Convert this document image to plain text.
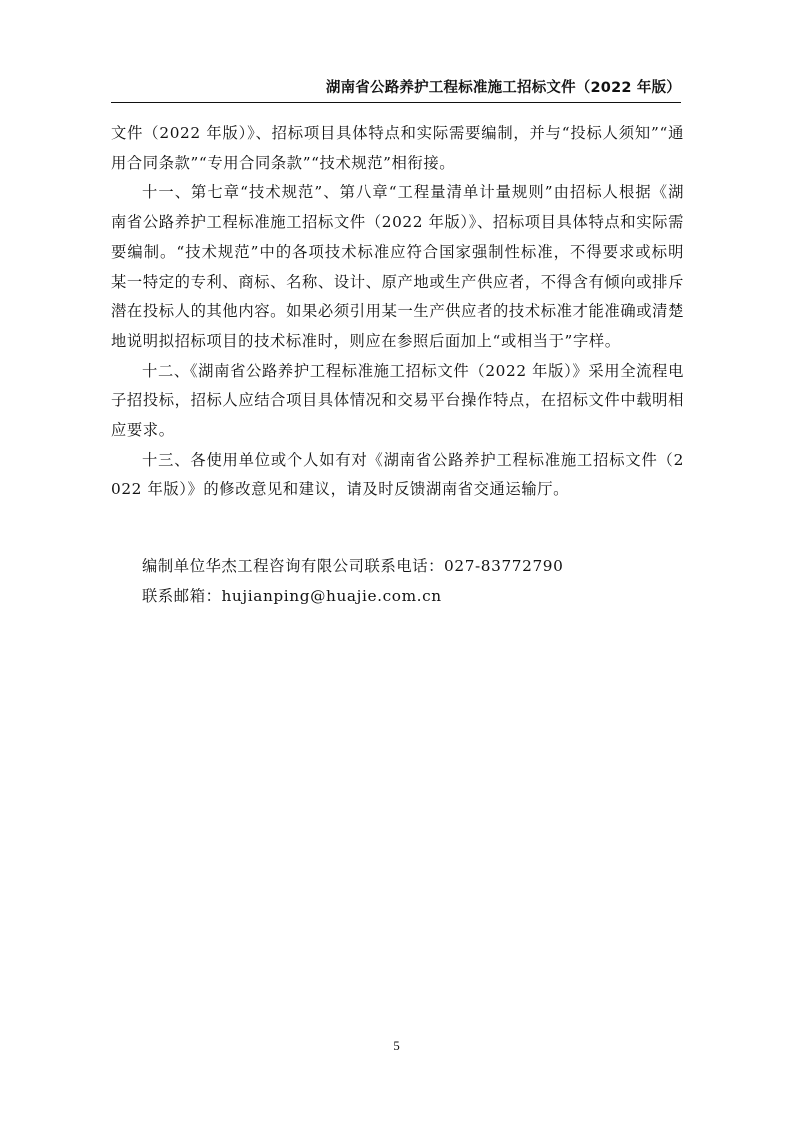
湖南省公路养护工程标准施工招标文件（2022 年版）

文件（2022 年版）》、招标项目具体特点和实际需要编制，并与“投标人须知”“通用合同条款”“专用合同条款”“技术规范”相衔接。

十一、第七章“技术规范”、第八章“工程量清单计量规则”由招标人根据《湖南省公路养护工程标准施工招标文件（2022 年版）》、招标项目具体特点和实际需要编制。“技术规范”中的各项技术标准应符合国家强制性标准，不得要求或标明某一特定的专利、商标、名称、设计、原产地或生产供应者，不得含有倾向或排斥潜在投标人的其他内容。如果必须引用某一生产供应者的技术标准才能准确或清楚地说明拟招标项目的技术标准时，则应在参照后面加上“或相当于”字样。

十二、《湖南省公路养护工程标准施工招标文件（2022 年版）》采用全流程电子招投标，招标人应结合项目具体情况和交易平台操作特点，在招标文件中载明相应要求。

十三、各使用单位或个人如有对《湖南省公路养护工程标准施工招标文件（2022 年版）》的修改意见和建议，请及时反馈湖南省交通运输厅。

编制单位华杰工程咨询有限公司联系电话：027-83772790
联系邮箱：hujianping@huajie.com.cn
5
